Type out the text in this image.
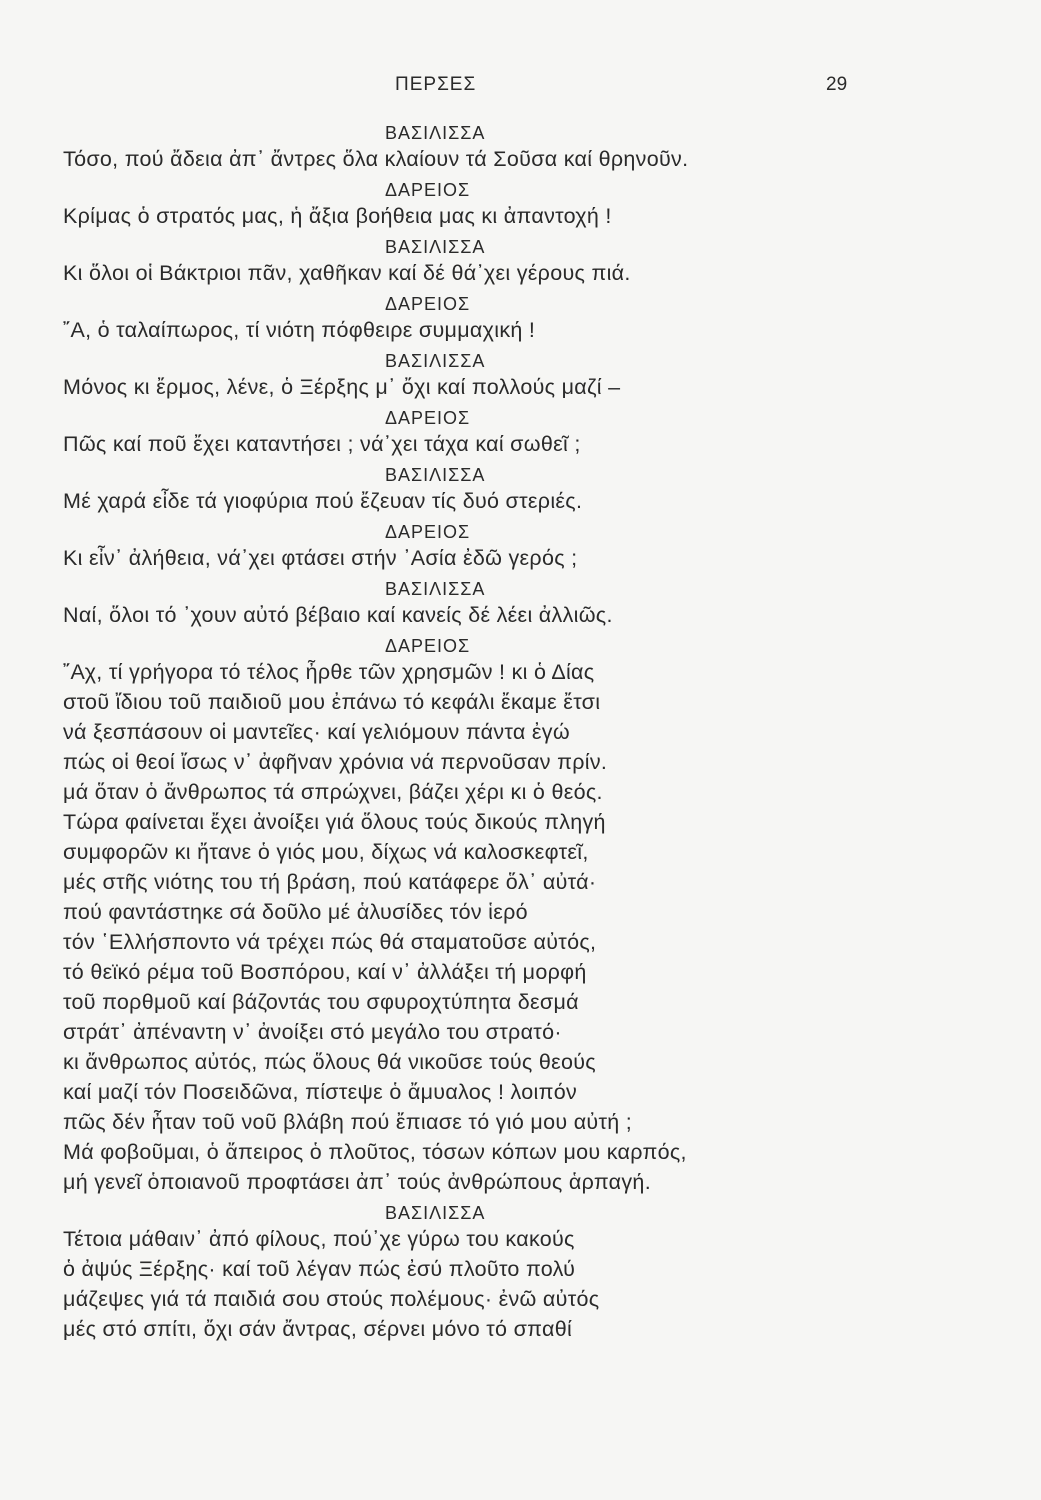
ΠΕΡΣΕΣ	29
ΒΑΣΙΛΙΣΣΑ
Τόσο, πού ἄδεια ἀπ᾿ ἄντρες ὅλα κλαίουν τά Σοῦσα καί θρηνοῦν.
ΔΑΡΕΙΟΣ
Κρίμας ὁ στρατός μας, ἡ ἄξια βοήθεια μας κι ἀπαντοχή !
ΒΑΣΙΛΙΣΣΑ
Κι ὅλοι οἱ Βάκτριοι πᾶν, χαθῆκαν καί δέ θά᾿χει γέρους πιά.
ΔΑΡΕΙΟΣ
῎Α, ὁ ταλαίπωρος, τί νιότη πόφθειρε συμμαχική !
ΒΑΣΙΛΙΣΣΑ
Μόνος κι ἔρμος, λένε, ὁ Ξέρξης μ᾿ ὄχι καί πολλούς μαζί –
ΔΑΡΕΙΟΣ
Πῶς καί ποῦ ἔχει καταντήσει ; νά᾿χει τάχα καί σωθεῖ ;
ΒΑΣΙΛΙΣΣΑ
Μέ χαρά εἶδε τά γιοφύρια πού ἔζευαν τίς δυό στεριές.
ΔΑΡΕΙΟΣ
Κι εἶν᾿ ἀλήθεια, νά᾿χει φτάσει στήν ᾿Ασία ἐδῶ γερός ;
ΒΑΣΙΛΙΣΣΑ
Ναί, ὅλοι τό ᾿χουν αὐτό βέβαιο καί κανείς δέ λέει ἀλλιῶς.
ΔΑΡΕΙΟΣ
῎Αχ, τί γρήγορα τό τέλος ἦρθε τῶν χρησμῶν ! κι ὁ Δίας
στοῦ ἴδιου τοῦ παιδιοῦ μου ἐπάνω τό κεφάλι ἔκαμε ἔτσι
νά ξεσπάσουν οἱ μαντεῖες· καί γελιόμουν πάντα ἐγώ
πώς οἱ θεοί ἴσως ν᾿ ἀφῆναν χρόνια νά περνοῦσαν πρίν.
μά ὅταν ὁ ἄνθρωπος τά σπρώχνει, βάζει χέρι κι ὁ θεός.
Τώρα φαίνεται ἔχει ἀνοίξει γιά ὅλους τούς δικούς πληγή
συμφορῶν κι ἤτανε ὁ γιός μου, δίχως νά καλοσκεφτεῖ,
μές στῆς νιότης του τή βράση, πού κατάφερε ὅλ᾿ αὐτά·
πού φαντάστηκε σά δοῦλο μέ ἁλυσίδες τόν ἱερό
τόν ῾Ελλήσποντο νά τρέχει πώς θά σταματοῦσε αὐτός,
τό θεϊκό ρέμα τοῦ Βοσπόρου, καί ν᾿ ἀλλάξει τή μορφή
τοῦ πορθμοῦ καί βάζοντάς του σφυροχτύπητα δεσμά
στράτ᾿ ἀπέναντη ν᾿ ἀνοίξει στό μεγάλο του στρατό·
κι ἄνθρωπος αὐτός, πώς ὅλους θά νικοῦσε τούς θεούς
καί μαζί τόν Ποσειδῶνα, πίστεψε ὁ ἄμυαλος ! λοιπόν
πῶς δέν ἦταν τοῦ νοῦ βλάβη πού ἔπιασε τό γιό μου αὐτή ;
Μά φοβοῦμαι, ὁ ἄπειρος ὁ πλοῦτος, τόσων κόπων μου καρπός,
μή γενεῖ ὁποιανοῦ προφτάσει ἀπ᾿ τούς ἀνθρώπους ἁρπαγή.
ΒΑΣΙΛΙΣΣΑ
Τέτοια μάθαιν᾿ ἀπό φίλους, πού᾿χε γύρω του κακούς
ὁ ἀψύς Ξέρξης· καί τοῦ λέγαν πώς ἐσύ πλοῦτο πολύ
μάζεψες γιά τά παιδιά σου στούς πολέμους· ἐνῶ αὐτός
μές στό σπίτι, ὄχι σάν ἄντρας, σέρνει μόνο τό σπαθί
